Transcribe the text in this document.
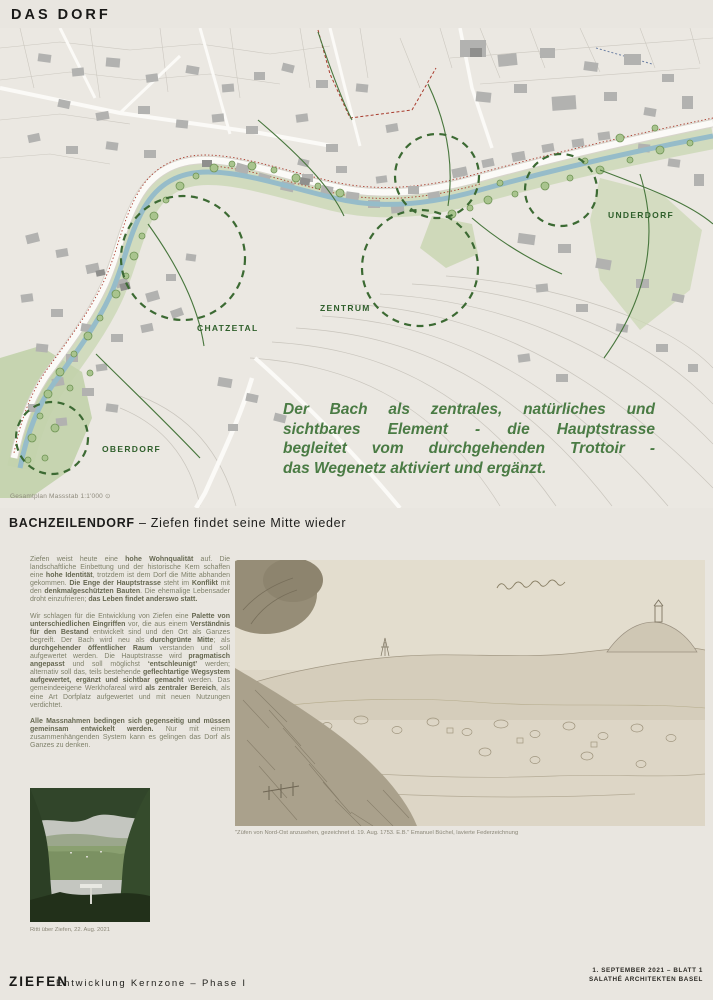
DAS DORF
UNDERDORF
ZENTRUM
CHATZETAL
OBERDORF
Der Bach als zentrales, natürliches und
sichtbares Element - die Hauptstrasse
begleitet vom durchgehenden Trottoir -
das Wegenetz aktiviert und ergänzt.
Gesamtplan Massstab 1:1'000 ⊙
BACHZEILENDORF – Ziefen findet seine Mitte wieder

Ziefen weist heute eine hohe Wohnqualität auf. Die landschaftliche Einbettung und der historische Kern schaffen eine hohe Identität, trotzdem ist dem Dorf die Mitte abhanden gekommen. Die Enge der Hauptstrasse steht im Konflikt mit den denkmalgeschützten Bauten. Die ehemalige Lebensader droht einzufrieren; das Leben findet anderswo statt.

Wir schlagen für die Entwicklung von Ziefen eine Palette von unterschiedlichen Eingriffen vor, die aus einem Verständnis für den Bestand entwickelt sind und den Ort als Ganzes begreift. Der Bach wird neu als durchgrünte Mitte; als durchgehender öffentlicher Raum verstanden und soll aufgewertet werden. Die Hauptstrasse wird pragmatisch angepasst und soll möglichst ‘entschleunigt’ werden; alternativ soll das, teils bestehende geflechtartige Wegsystem aufgewertet, ergänzt und sichtbar gemacht werden. Das gemeindeeigene Werkhofareal wird als zentraler Bereich, als eine Art Dorfplatz aufgewertet und mit neuen Nutzungen verdichtet.

Alle Massnahmen bedingen sich gegenseitig und müssen gemeinsam entwickelt werden. Nur mit einem zusammenhängenden System kann es gelingen das Dorf als Ganzes zu denken.

"Züfen von Nord-Ost anzusehen, gezeichnet d. 19. Aug. 1753. E.B." Emanuel Büchel, lavierte Federzeichnung
Ritti über Ziefen, 22. Aug. 2021
ZIEFEN
Entwicklung Kernzone – Phase I
1. SEPTEMBER 2021 – BLATT 1
SALATHÉ ARCHITEKTEN BASEL
